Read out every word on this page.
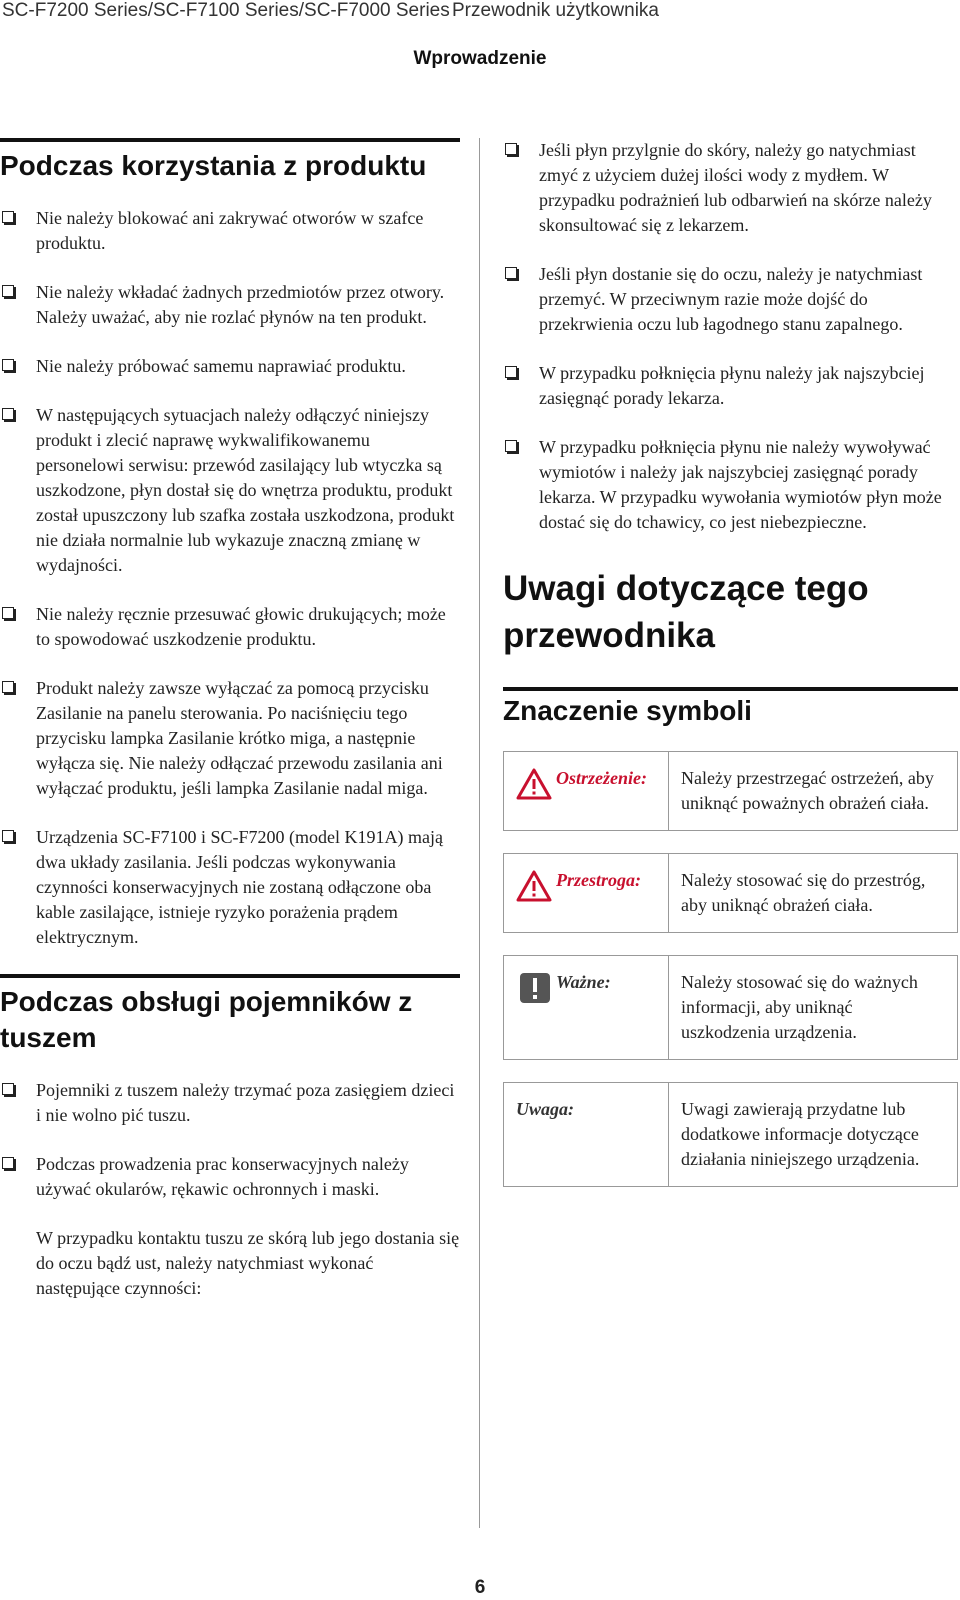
SC-F7200 Series/SC-F7100 Series/SC-F7000 Series Przewodnik użytkownika
Wprowadzenie
Podczas korzystania z produktu
Nie należy blokować ani zakrywać otworów w szafce produktu.
Nie należy wkładać żadnych przedmiotów przez otwory. Należy uważać, aby nie rozlać płynów na ten produkt.
Nie należy próbować samemu naprawiać produktu.
W następujących sytuacjach należy odłączyć niniejszy produkt i zlecić naprawę wykwalifikowanemu personelowi serwisu: przewód zasilający lub wtyczka są uszkodzone, płyn dostał się do wnętrza produktu, produkt został upuszczony lub szafka została uszkodzona, produkt nie działa normalnie lub wykazuje znaczną zmianę w wydajności.
Nie należy ręcznie przesuwać głowic drukujących; może to spowodować uszkodzenie produktu.
Produkt należy zawsze wyłączać za pomocą przycisku Zasilanie na panelu sterowania. Po naciśnięciu tego przycisku lampka Zasilanie krótko miga, a następnie wyłącza się. Nie należy odłączać przewodu zasilania ani wyłączać produktu, jeśli lampka Zasilanie nadal miga.
Urządzenia SC-F7100 i SC-F7200 (model K191A) mają dwa układy zasilania. Jeśli podczas wykonywania czynności konserwacyjnych nie zostaną odłączone oba kable zasilające, istnieje ryzyko porażenia prądem elektrycznym.
Podczas obsługi pojemników z tuszem
Pojemniki z tuszem należy trzymać poza zasięgiem dzieci i nie wolno pić tuszu.
Podczas prowadzenia prac konserwacyjnych należy używać okularów, rękawic ochronnych i maski.

W przypadku kontaktu tuszu ze skórą lub jego dostania się do oczu bądź ust, należy natychmiast wykonać następujące czynności:

Jeśli płyn przylgnie do skóry, należy go natychmiast zmyć z użyciem dużej ilości wody z mydłem. W przypadku podrażnień lub odbarwień na skórze należy skonsultować się z lekarzem.
Jeśli płyn dostanie się do oczu, należy je natychmiast przemyć. W przeciwnym razie może dojść do przekrwienia oczu lub łagodnego stanu zapalnego.
W przypadku połknięcia płynu należy jak najszybciej zasięgnąć porady lekarza.
W przypadku połknięcia płynu nie należy wywoływać wymiotów i należy jak najszybciej zasięgnąć porady lekarza. W przypadku wywołania wymiotów płyn może dostać się do tchawicy, co jest niebezpieczne.
Uwagi dotyczące tego przewodnika
Znaczenie symboli
Ostrzeżenie:	Należy przestrzegać ostrzeżeń, aby uniknąć poważnych obrażeń ciała.
Przestroga:	Należy stosować się do przestróg, aby uniknąć obrażeń ciała.
Ważne:	Należy stosować się do ważnych informacji, aby uniknąć uszkodzenia urządzenia.
Uwaga:	Uwagi zawierają przydatne lub dodatkowe informacje dotyczące działania niniejszego urządzenia.
6
